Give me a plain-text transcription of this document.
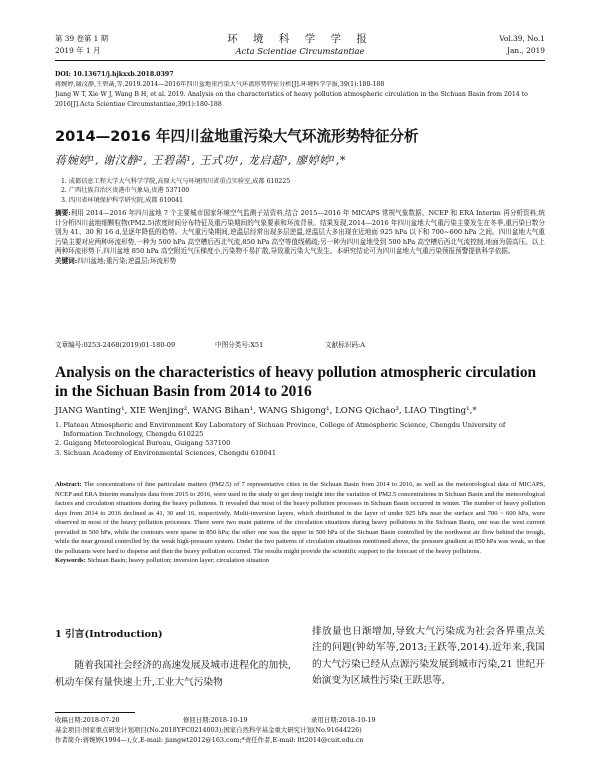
第 39 卷第 1 期	环 境 科 学 学 报	Vol.39, No.1
2019 年 1 月	Acta Scientiae Circumstantiae	Jan., 2019
DOI: 10.13671/j.hjkxxb.2018.0397
蒋婉婷,谢汶静,王碧菡,等.2019.2014—2016年四川盆地重污染大气环流形势特征分析[J].环境科学学报,39(1):180-188
Jiang W T, Xie W J, Wang B H, et al. 2019. Analysis on the characteristics of heavy pollution atmospheric circulation in the Sichuan Basin from 2014 to
2016[J].Acta Scientiae Circumstantiae,39(1):180-188
2014—2016 年四川盆地重污染大气环流形势特征分析
蒋婉婷¹, 谢汶静², 王碧菡¹, 王式功¹, 龙启超³, 廖婷婷¹,*
1. 成都信息工程大学大气科学学院,高原大气与环境四川省重点实验室,成都 610225
2. 广西壮族自治区贵港市气象局,贵港 537100
3. 四川省环境保护科学研究院,成都 610041
摘要:利用 2014—2016 年四川盆地 7 个主要城市国家环境空气监测子站资料,结合 2015—2016 年 MICAPS 常规气象数据、NCEP 和 ERA Interim 再分析资料,统计分析四川盆地细颗粒物(PM2.5)浓度时间分布特征及重污染期间的气象要素和环流背景。结果发现,2014—2016 年四川盆地大气重污染主要发生在冬季,重污染日数分别为 41、30 和 16 d,呈逐年降低的趋势。大气重污染期间,逆温层经常出现多层逆温,逆温层大多出现在近地面 925 hPa 以下和 700~600 hPa 之间。四川盆地大气重污染主要对应两种环流形势,一种为 500 hPa 高空槽后西北气流,850 hPa 高空等值线稀疏;另一种为四川盆地受到 500 hPa 高空槽后西北气流控制,地面为弱高压。以上两种环流形势下,四川盆地 850 hPa 高空附近气压梯度小,污染物不易扩散,导致重污染大气发生。本研究结论可为四川盆地大气重污染预报预警提供科学依据。
关键词:四川盆地;重污染;逆温层;环流形势
文章编号:0253-2468(2019)01-180-09	中图分类号:X51	文献标识码:A
Analysis on the characteristics of heavy pollution atmospheric circulation in the Sichuan Basin from 2014 to 2016
JIANG Wanting¹, XIE Wenjing², WANG Bihan¹, WANG Shigong¹, LONG Qichao³, LIAO Tingting¹,*
1. Plateau Atmospheric and Environment Key Laboratory of Sichuan Province, College of Atmospheric Science, Chengdu University of Information Technology, Chengdu 610225
2. Guigang Meteorological Bureau, Guigang 537100
3. Sichuan Academy of Environmental Sciences, Chengdu 610041
Abstract: The concentrations of fine particulate matters (PM2.5) of 7 representative cities in the Sichuan Basin from 2014 to 2016, as well as the meteorological data of MICAPS, NCEP and ERA Interim reanalysis data from 2015 to 2016, were used in the study to get deep insight into the variation of PM2.5 concentrations in Sichuan Basin and the meteorological factors and circulation situations during the heavy pollutions. It revealed that most of the heavy pollution processes in Sichuan Basin occurred in winter. The number of heavy pollution days from 2014 to 2016 declined as 41, 30 and 16, respectively. Multi-inversion layers, which distributed in the layer of under 925 hPa near the surface and 700 ~ 600 hPa, were observed in most of the heavy pollution processes. There were two main patterns of the circulation situations during heavy pollutions in the Sichuan Basin, one was the west current prevailed in 500 hPa, while the contours were sparse in 850 hPa; the other one was the upper in 500 hPa of the Sichuan Basin controlled by the northwest air flow behind the trough, while the near ground controlled by the weak high-pressure system. Under the two patterns of circulation situations mentioned above, the pressure gradient at 850 hPa was weak, so that the pollutants were hard to disperse and then the heavy pollution occurred. The results might provide the scientific support to the forecast of the heavy pollutions.
Keywords: Sichuan Basin; heavy pollution; inversion layer; circulation situation
1 引言(Introduction)
随着我国社会经济的高速发展及城市进程化的加快,机动车保有量快速上升,工业大气污染物
排放量也日渐增加,导致大气污染成为社会各界重点关注的问题(钟幼军等,2013;王跃等,2014).近年来,我国的大气污染已经从点源污染发展到城市污染,21 世纪开始演变为区域性污染(王跃思等,
收稿日期:2018-07-20	修回日期:2018-10-19	录用日期:2018-10-19
基金项目:国家重点研发计划项目(No.2018YFC0214003);国家自然科学基金重大研究计划(No.91644226)
作者简介:蒋婉婷(1994—),女,E-mail: jiangwt2012@163.com;*责任作者,E-mail: ltt2014@cuit.edu.cn
